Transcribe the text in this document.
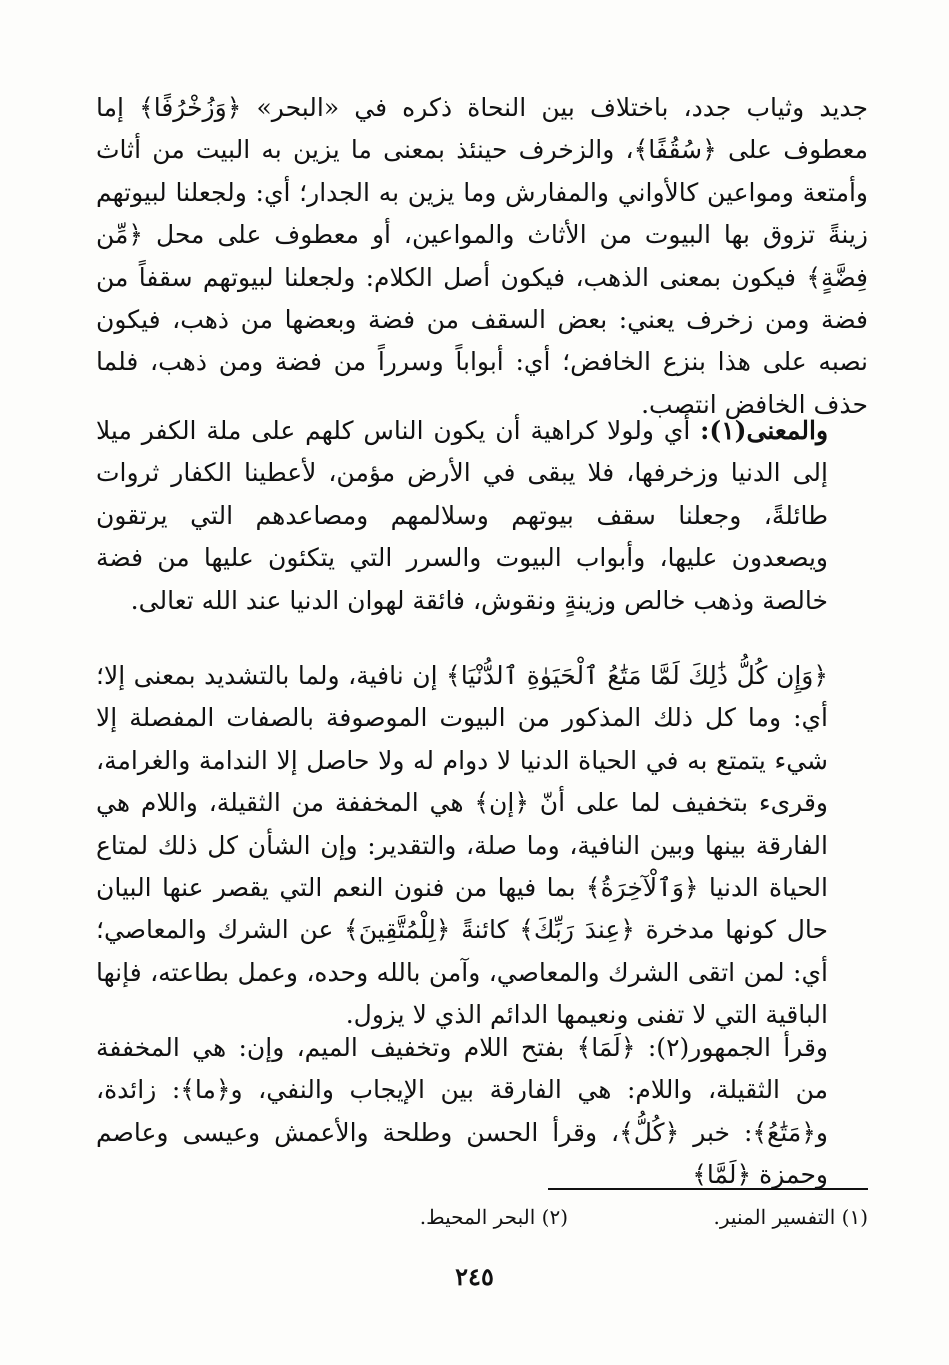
جديد وثياب جدد، باختلاف بين النحاة ذكره في «البحر» ﴿وَزُخْرُفًا﴾ إما معطوف على ﴿سُقُفًا﴾، والزخرف حينئذ بمعنى ما يزين به البيت من أثاث وأمتعة ومواعين كالأواني والمفارش وما يزين به الجدار؛ أي: ولجعلنا لبيوتهم زينةً تزوق بها البيوت من الأثاث والمواعين، أو معطوف على محل ﴿مِّن فِضَّةٍ﴾ فيكون بمعنى الذهب، فيكون أصل الكلام: ولجعلنا لبيوتهم سقفاً من فضة ومن زخرف يعني: بعض السقف من فضة وبعضها من ذهب، فيكون نصبه على هذا بنزع الخافض؛ أي: أبواباً وسرراً من فضة ومن ذهب، فلما حذف الخافض انتصب.

والمعنى(١): أي ولولا كراهية أن يكون الناس كلهم على ملة الكفر ميلا إلى الدنيا وزخرفها، فلا يبقى في الأرض مؤمن، لأعطينا الكفار ثروات طائلةً، وجعلنا سقف بيوتهم وسلالمهم ومصاعدهم التي يرتقون ويصعدون عليها، وأبواب البيوت والسرر التي يتكئون عليها من فضة خالصة وذهب خالص وزينةٍ ونقوش، فائقة لهوان الدنيا عند الله تعالى.

﴿وَإِن كُلُّ ذَٰلِكَ لَمَّا مَتَٰعُ ٱلْحَيَوٰةِ ٱلدُّنْيَا﴾ إن نافية، ولما بالتشديد بمعنى إلا؛ أي: وما كل ذلك المذكور من البيوت الموصوفة بالصفات المفصلة إلا شيء يتمتع به في الحياة الدنيا لا دوام له ولا حاصل إلا الندامة والغرامة، وقرىء بتخفيف لما على أنّ ﴿إن﴾ هي المخففة من الثقيلة، واللام هي الفارقة بينها وبين النافية، وما صلة، والتقدير: وإن الشأن كل ذلك لمتاع الحياة الدنيا ﴿وَٱلْآخِرَةُ﴾ بما فيها من فنون النعم التي يقصر عنها البيان حال كونها مدخرة ﴿عِندَ رَبِّكَ﴾ كائنةً ﴿لِلْمُتَّقِينَ﴾ عن الشرك والمعاصي؛ أي: لمن اتقى الشرك والمعاصي، وآمن بالله وحده، وعمل بطاعته، فإنها الباقية التي لا تفنى ونعيمها الدائم الذي لا يزول.

وقرأ الجمهور(٢): ﴿لَمَا﴾ بفتح اللام وتخفيف الميم، وإن: هي المخففة من الثقيلة، واللام: هي الفارقة بين الإيجاب والنفي، و﴿ما﴾: زائدة، و﴿مَتَٰعُ﴾: خبر ﴿كُلُّ﴾، وقرأ الحسن وطلحة والأعمش وعيسى وعاصم وحمزة ﴿لَمَّا﴾

(١) التفسير المنير.
(٢) البحر المحيط.
٢٤٥
